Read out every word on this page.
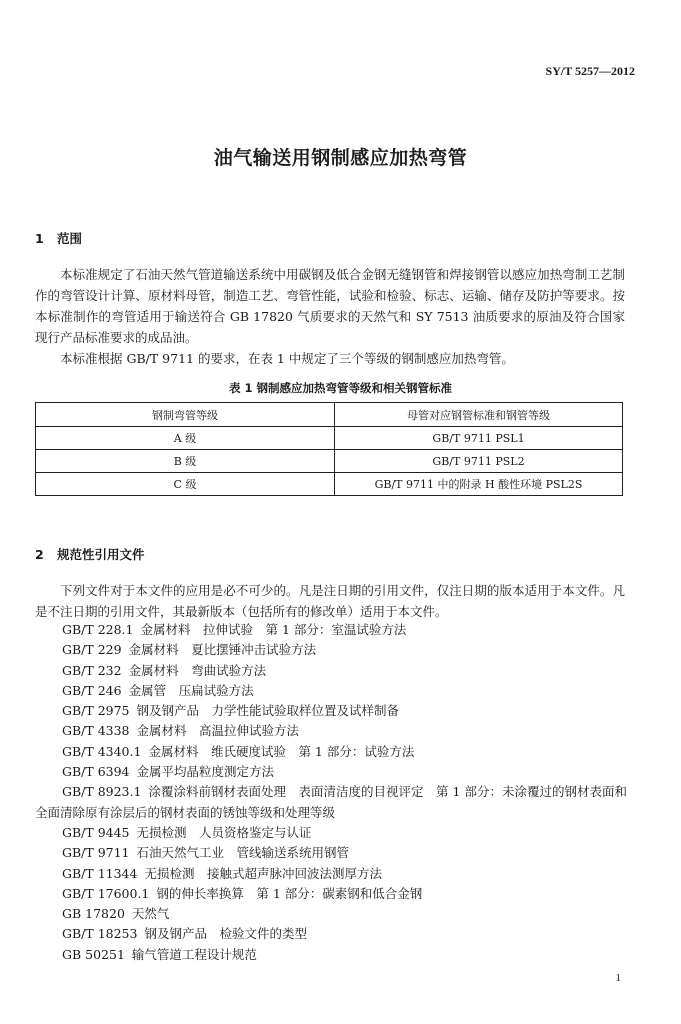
SY/T 5257—2012
油气输送用钢制感应加热弯管
1 范围
本标准规定了石油天然气管道输送系统中用碳钢及低合金钢无缝钢管和焊接钢管以感应加热弯制工艺制作的弯管设计计算、原材料母管，制造工艺、弯管性能，试验和检验、标志、运输、储存及防护等要求。按本标准制作的弯管适用于输送符合 GB 17820 气质要求的天然气和 SY 7513 油质要求的原油及符合国家现行产品标准要求的成品油。
本标准根据 GB/T 9711 的要求，在表 1 中规定了三个等级的钢制感应加热弯管。
表 1 钢制感应加热弯管等级和相关钢管标准
钢制弯管等级	母管对应钢管标准和钢管等级
A 级	GB/T 9711 PSL1
B 级	GB/T 9711 PSL2
C 级	GB/T 9711 中的附录 H 酸性环境 PSL2S
2 规范性引用文件
下列文件对于本文件的应用是必不可少的。凡是注日期的引用文件，仅注日期的版本适用于本文件。凡是不注日期的引用文件，其最新版本（包括所有的修改单）适用于本文件。
GB/T 228.1 金属材料　拉伸试验　第 1 部分：室温试验方法
GB/T 229 金属材料　夏比摆锤冲击试验方法
GB/T 232 金属材料　弯曲试验方法
GB/T 246 金属管　压扁试验方法
GB/T 2975 钢及钢产品　力学性能试验取样位置及试样制备
GB/T 4338 金属材料　高温拉伸试验方法
GB/T 4340.1 金属材料　维氏硬度试验　第 1 部分：试验方法
GB/T 6394 金属平均晶粒度测定方法
GB/T 8923.1 涂覆涂料前钢材表面处理　表面清洁度的目视评定　第 1 部分：未涂覆过的钢材表面和全面清除原有涂层后的钢材表面的锈蚀等级和处理等级
GB/T 9445 无损检测　人员资格鉴定与认证
GB/T 9711 石油天然气工业　管线输送系统用钢管
GB/T 11344 无损检测　接触式超声脉冲回波法测厚方法
GB/T 17600.1 钢的伸长率换算　第 1 部分：碳素钢和低合金钢
GB 17820 天然气
GB/T 18253 钢及钢产品　检验文件的类型
GB 50251 输气管道工程设计规范
1
